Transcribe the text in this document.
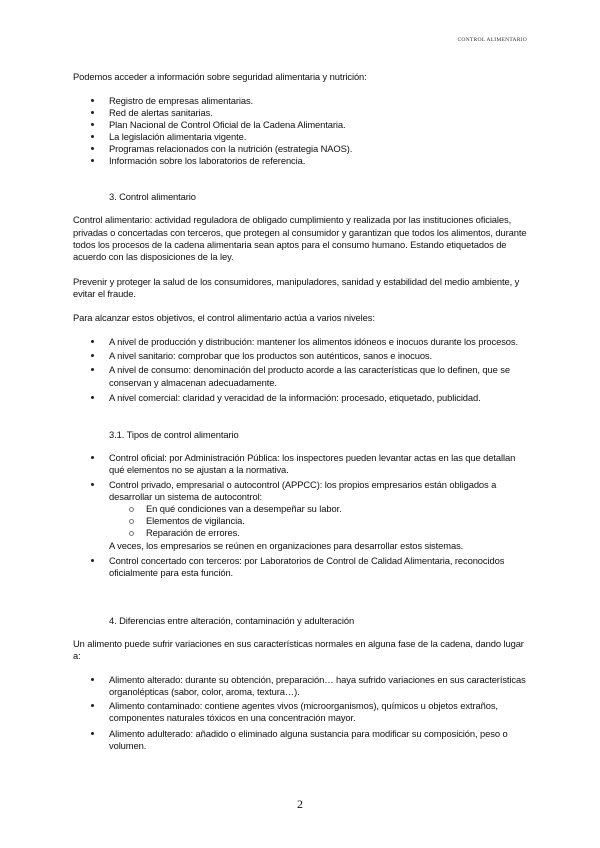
CONTROL ALIMENTARIO
Podemos acceder a información sobre seguridad alimentaria y nutrición:
Registro de empresas alimentarias.
Red de alertas sanitarias.
Plan Nacional de Control Oficial de la Cadena Alimentaria.
La legislación alimentaria vigente.
Programas relacionados con la nutrición (estrategia NAOS).
Información sobre los laboratorios de referencia.
3. Control alimentario
Control alimentario: actividad reguladora de obligado cumplimiento y realizada por las instituciones oficiales,
privadas o concertadas con terceros, que protegen al consumidor y garantizan que todos los alimentos, durante
todos los procesos de la cadena alimentaria sean aptos para el consumo humano. Estando etiquetados de
acuerdo con las disposiciones de la ley.
Prevenir y proteger la salud de los consumidores, manipuladores, sanidad y estabilidad del medio ambiente, y
evitar el fraude.
Para alcanzar estos objetivos, el control alimentario actúa a varios niveles:
A nivel de producción y distribución: mantener los alimentos idóneos e inocuos durante los procesos.
A nivel sanitario: comprobar que los productos son auténticos, sanos e inocuos.
A nivel de consumo: denominación del producto acorde a las características que lo definen, que se
conservan y almacenan adecuadamente.
A nivel comercial: claridad y veracidad de la información: procesado, etiquetado, publicidad.
3.1. Tipos de control alimentario
Control oficial: por Administración Pública: los inspectores pueden levantar actas en las que detallan
qué elementos no se ajustan a la normativa.
Control privado, empresarial o autocontrol (APPCC): los propios empresarios están obligados a
desarrollar un sistema de autocontrol:
En qué condiciones van a desempeñar su labor.
Elementos de vigilancia.
Reparación de errores.
A veces, los empresarios se reúnen en organizaciones para desarrollar estos sistemas.
Control concertado con terceros: por Laboratorios de Control de Calidad Alimentaria, reconocidos
oficialmente para esta función.
4. Diferencias entre alteración, contaminación y adulteración
Un alimento puede sufrir variaciones en sus características normales en alguna fase de la cadena, dando lugar
a:
Alimento alterado: durante su obtención, preparación… haya sufrido variaciones en sus características
organolépticas (sabor, color, aroma, textura…).
Alimento contaminado: contiene agentes vivos (microorganismos), químicos u objetos extraños,
componentes naturales tóxicos en una concentración mayor.
Alimento adulterado: añadido o eliminado alguna sustancia para modificar su composición, peso o
volumen.
2
